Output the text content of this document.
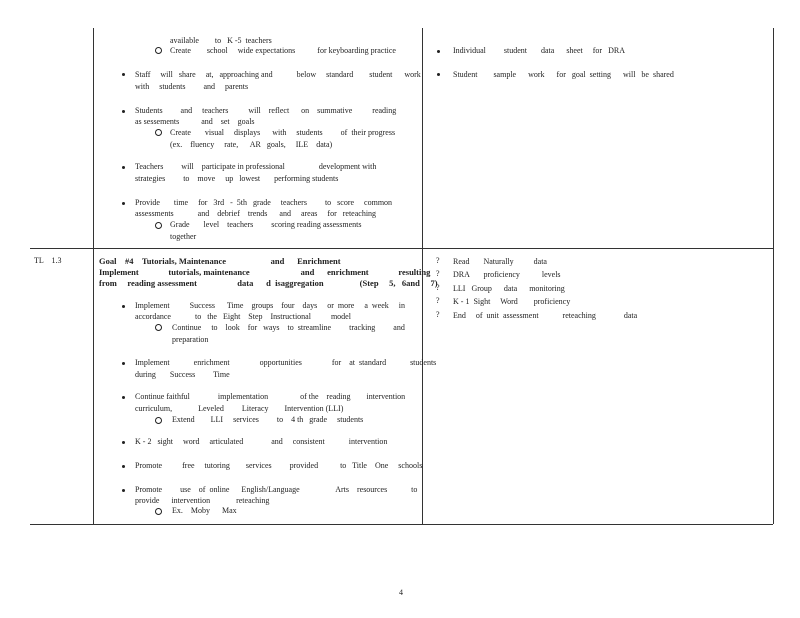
available        to   K -5  teachers
Create        school     wide expectations           for keyboarding practice
Staff     will   share     at,   approaching and            below     standard        student      work
with     students         and     parents
Students         and     teachers          will    reflect      on    summative          reading
as sessements           and    set    goals
Create       visual     displays      with     students         of  their progress
(ex.    fluency     rate,      AR   goals,     ILE    data)
Teachers         will    participate in professional                 development with
strategies         to    move     up   lowest       performing students
Provide       time     for   3rd   -  5th   grade     teachers         to   score     common
assessments            and    debrief    trends      and     areas     for   reteaching
Grade       level    teachers         scoring reading assessments
together
Individual         student       data      sheet     for   DRA
Student        sample      work      for   goal  setting      will   be  shared
TL    1.3	Goal    #4    Tutorials, Maintenance                     and      Enrichment
Implement              tutorials, maintenance                        and      enrichment              resulting
from     reading assessment                   data      d  isaggregation                 (Step     5,   6and     7)
Implement          Success      Time    groups    four    days     or  more     a  week     in
accordance            to   the   Eight    Step    Instructional          model
Continue     to    look    for   ways    to  streamline         tracking         and
preparation
Implement            enrichment               opportunities               for    at  standard            students
during       Success         Time
Continue faithful              implementation                of the    reading        intervention
curriculum,             Leveled         Literacy        Intervention (LLI)
Extend        LLI     services         to    4 th   grade     students
K - 2   sight     word     articulated              and     consistent            intervention
Promote          free     tutoring        services         provided           to   Title    One     schools
Promote         use    of  online      English/Language                  Arts    resources            to
provide      intervention             reteaching
Ex.    Moby      Max
? Read       Naturally          data
? DRA       proficiency           levels
? LLI   Group      data      monitoring
? K - 1  Sight     Word        proficiency
? End     of  unit  assessment            reteaching              data
4
